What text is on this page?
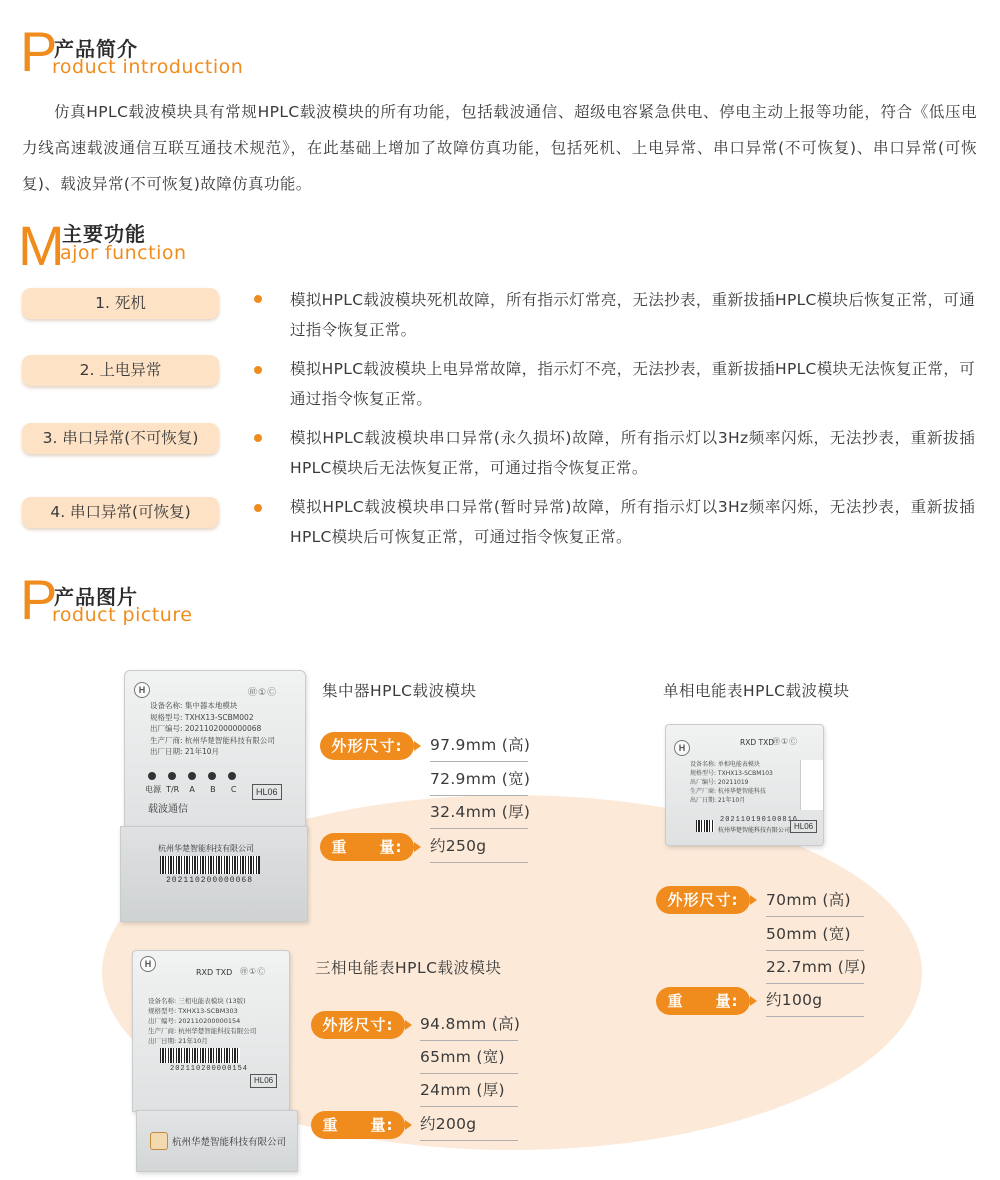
P
产品简介
roduct introduction

仿真HPLC载波模块具有常规HPLC载波模块的所有功能，包括载波通信、超级电容紧急供电、停电主动上报等功能，符合《低压电力线高速载波通信互联互通技术规范》，在此基础上增加了故障仿真功能，包括死机、上电异常、串口异常(不可恢复)、串口异常(可恢复)、载波异常(不可恢复)故障仿真功能。

M
主要功能
ajor function
1. 死机	模拟HPLC载波模块死机故障，所有指示灯常亮，无法抄表，重新拔插HPLC模块后恢复正常，可通过指令恢复正常。
2. 上电异常	模拟HPLC载波模块上电异常故障，指示灯不亮，无法抄表，重新拔插HPLC模块无法恢复正常，可通过指令恢复正常。
3. 串口异常(不可恢复)	模拟HPLC载波模块串口异常(永久损坏)故障，所有指示灯以3Hz频率闪烁，无法抄表，重新拔插HPLC模块后无法恢复正常，可通过指令恢复正常。
4. 串口异常(可恢复)	模拟HPLC载波模块串口异常(暂时异常)故障，所有指示灯以3Hz频率闪烁，无法抄表，重新拔插HPLC模块后可恢复正常，可通过指令恢复正常。
P
产品图片
roduct picture
H	㊞①Ⓒ
设备名称: 集中器本地模块
规格型号: TXHX13-SCBM002
出厂编号: 2021102000000068
生产厂商: 杭州华楚智能科技有限公司
出厂日期: 21年10月
电源  T/R    A      B      C	HL06
载波通信
杭州华楚智能科技有限公司
202110200000068
H
RXD TXD
㊞①Ⓒ
设备名称: 单相电能表模块
规格型号: TXHX13-SCBM103
出厂编号: 20211019
生产厂商: 杭州华楚智能科技
出厂日期: 21年10月
202110190100816
杭州华楚智能科技有限公司 HL06
H
RXD TXD ㊞①Ⓒ
设备名称: 三相电能表模块 (13版)
规格型号: TXHX13-SCBM303
出厂编号: 202110200000154
生产厂商: 杭州华楚智能科技有限公司
出厂日期: 21年10月
202110200000154
HL06
杭州华楚智能科技有限公司
集中器HPLC载波模块
外形尺寸:	97.9mm (高)
72.9mm (宽)
32.4mm (厚)
重　　量:	约250g
单相电能表HPLC载波模块
外形尺寸:	70mm (高)
50mm (宽)
22.7mm (厚)
重　　量:	约100g
三相电能表HPLC载波模块
外形尺寸:	94.8mm (高)
65mm (宽)
24mm (厚)
重　　量:	约200g
